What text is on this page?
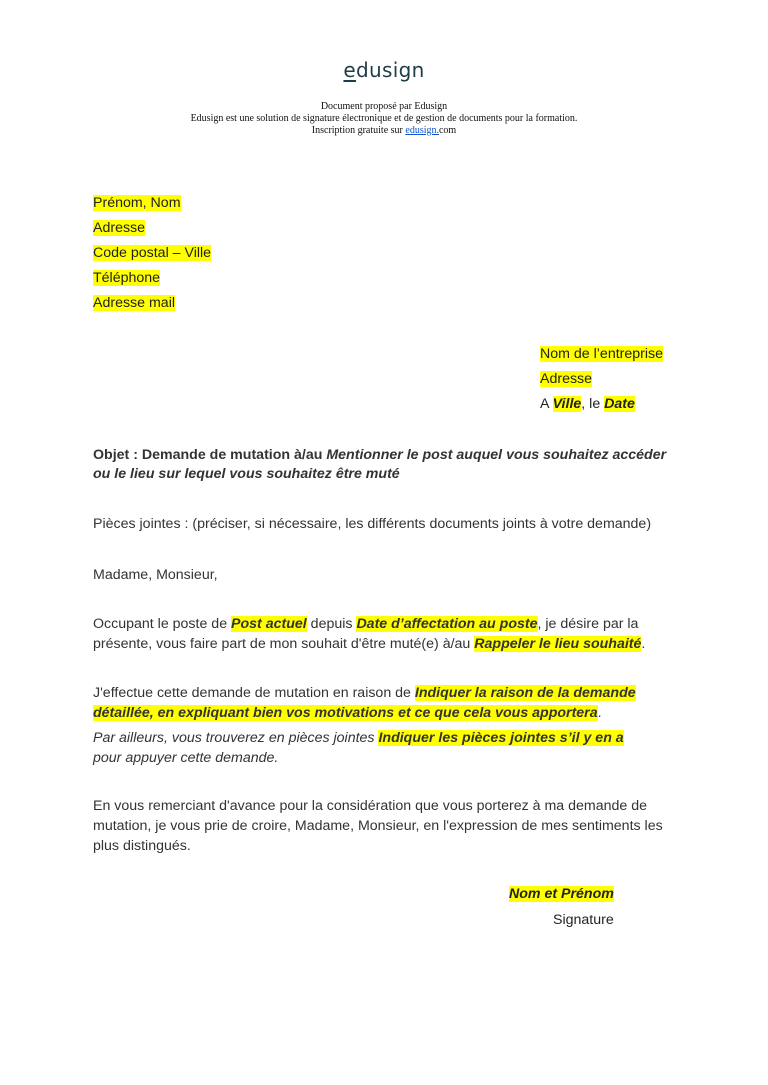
edusign
Document proposé par Edusign
Edusign est une solution de signature électronique et de gestion de documents pour la formation.
Inscription gratuite sur edusign.com
Prénom, Nom
Adresse
Code postal – Ville
Téléphone
Adresse mail
Nom de l’entreprise
Adresse
A Ville, le Date
Objet : Demande de mutation à/au Mentionner le post auquel vous souhaitez accéder
ou le lieu sur lequel vous souhaitez être muté
Pièces jointes : (préciser, si nécessaire, les différents documents joints à votre demande)
Madame, Monsieur,
Occupant le poste de Post actuel depuis Date d’affectation au poste, je désire par la présente, vous faire part de mon souhait d'être muté(e) à/au Rappeler le lieu souhaité.
J'effectue cette demande de mutation en raison de Indiquer la raison de la demande détaillée, en expliquant bien vos motivations et ce que cela vous apportera.
Par ailleurs, vous trouverez en pièces jointes Indiquer les pièces jointes s’il y en a pour appuyer cette demande.
En vous remerciant d'avance pour la considération que vous porterez à ma demande de mutation, je vous prie de croire, Madame, Monsieur, en l'expression de mes sentiments les plus distingués.
Nom et Prénom
Signature
